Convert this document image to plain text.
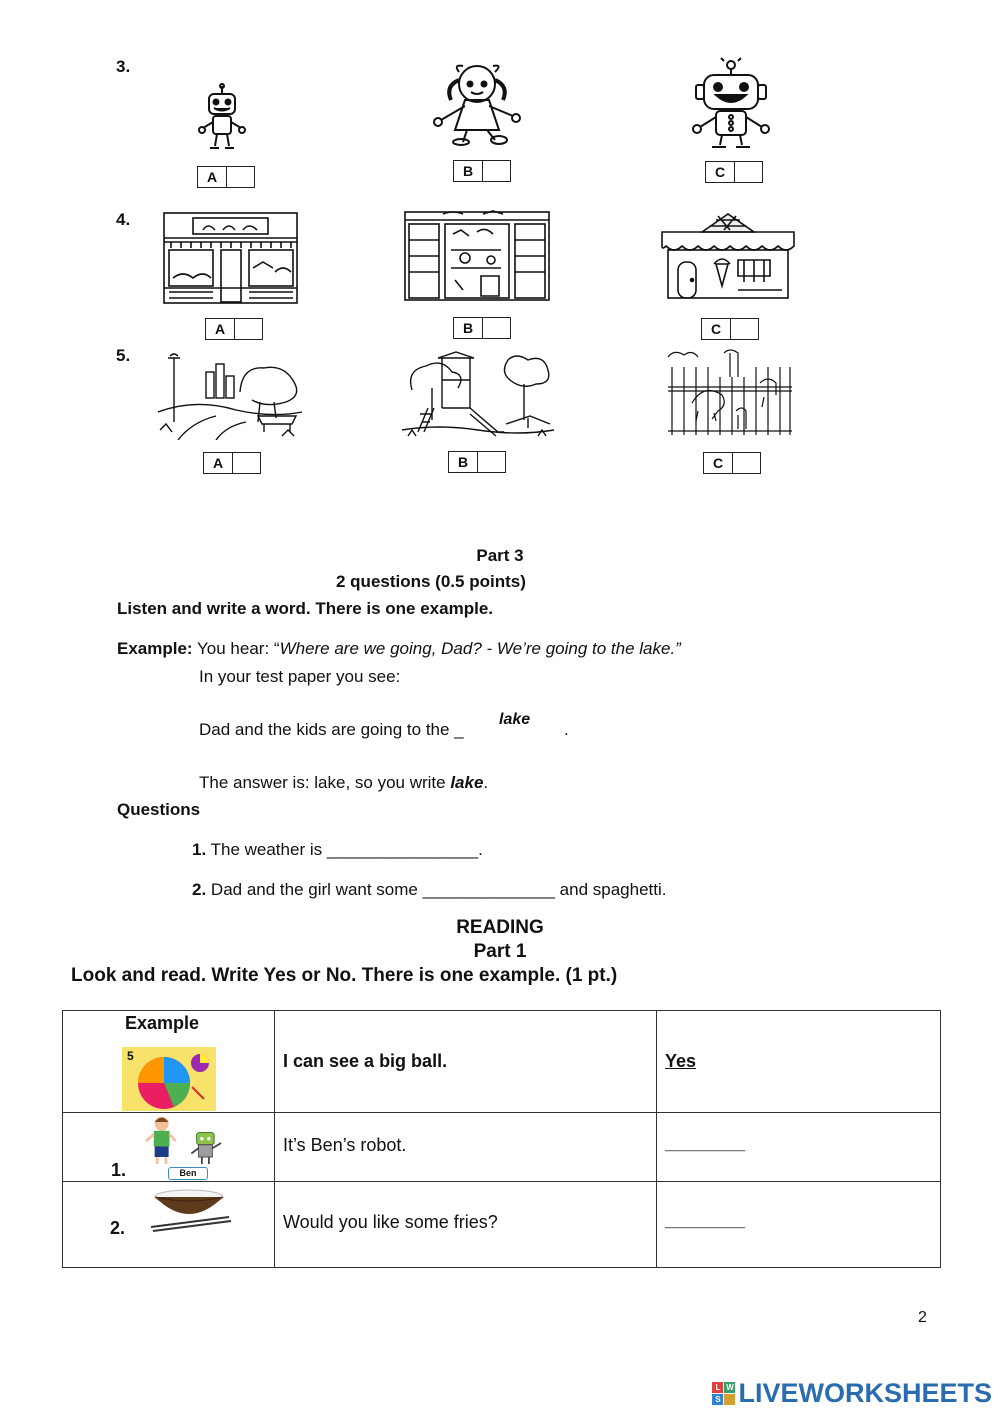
3.
4.
5.
A	B	C
A	B	C
A	B	C
Part 3
2 questions (0.5 points)
Listen and write a word. There is one example.
Example: You hear: “Where are we going, Dad? - We’re going to the lake.”
In your test paper you see:
Dad and the kids are going to the _
lake
.
The answer is: lake, so you write lake.
Questions
1. The weather is ________________.
2. Dad and the girl want some ______________ and spaghetti.
READING
Part 1
Look and read. Write Yes or No. There is one example. (1 pt.)
Example
5	I can see a big ball.	Yes

1. Ben	It’s Ben’s robot.	________

2.	Would you like some fries?	________
2
L W
S LIVEWORKSHEETS
